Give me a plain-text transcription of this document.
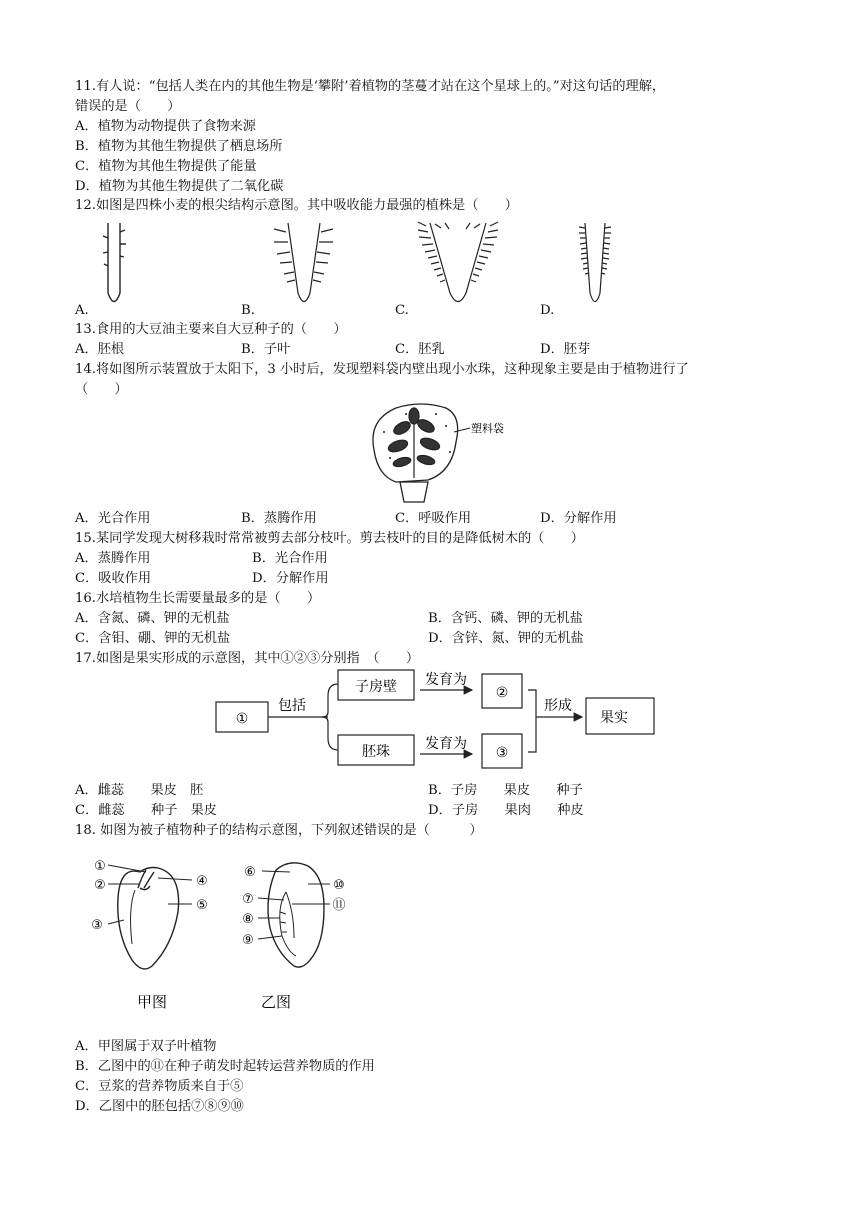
11.有人说：“包括人类在内的其他生物是‘攀附’着植物的茎蔓才站在这个星球上的。”对这句话的理解，
错误的是（　　）
A．植物为动物提供了食物来源
B．植物为其他生物提供了栖息场所
C．植物为其他生物提供了能量
D．植物为其他生物提供了二氧化碳
12.如图是四株小麦的根尖结构示意图。其中吸收能力最强的植株是（　　）
A.	B.	C.	D.
13.食用的大豆油主要来自大豆种子的（　　）
A．胚根	B．子叶	C．胚乳	D．胚芽
14.将如图所示装置放于太阳下，3 小时后，发现塑料袋内壁出现小水珠，这种现象主要是由于植物进行了
（　　）
塑料袋
A．光合作用	B．蒸腾作用	C．呼吸作用	D．分解作用
15.某同学发现大树移栽时常常被剪去部分枝叶。剪去枝叶的目的是降低树木的（　　）
A．蒸腾作用	B．光合作用
C．吸收作用	D．分解作用
16.水培植物生长需要量最多的是（　　）
A．含氮、磷、钾的无机盐	B．含钙、磷、钾的无机盐
C．含钼、硼、钾的无机盐	D．含锌、氮、钾的无机盐
17.如图是果实形成的示意图，其中①②③分别指　（　　）
①
包括
子房壁
胚珠
发育为
发育为
②
③
形成
果实
A．雌蕊　　果皮　胚	B．子房　　果皮　　种子
C．雌蕊　　种子　果皮	D．子房　　果肉　　种皮
18. 如图为被子植物种子的结构示意图，下列叙述错误的是（　　　）
①
②
③
④
⑤
甲图
⑥
⑦
⑧
⑨
⑩
⑪
乙图
A．甲图属于双子叶植物
B．乙图中的⑪在种子萌发时起转运营养物质的作用
C．豆浆的营养物质来自于⑤
D．乙图中的胚包括⑦⑧⑨⑩
